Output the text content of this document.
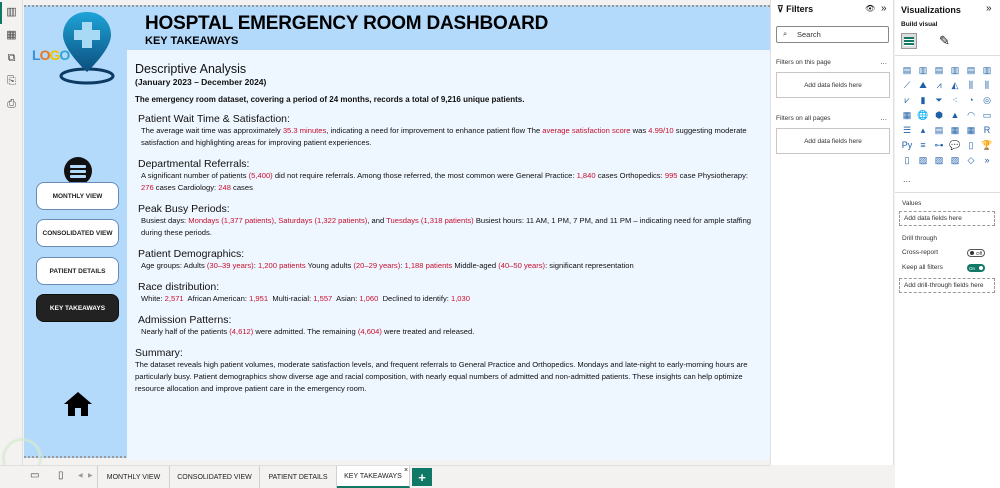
▥
▦
⧉
⎘
⎙
LOGO
HOSPTAL EMERGENCY ROOM DASHBOARD
KEY TAKEAWAYS
MONTHLY VIEW
CONSOLIDATED VIEW
PATIENT DETAILS
KEY TAKEAWAYS
Descriptive Analysis
(January 2023 – December 2024)
The emergency room dataset, covering a period of 24 months, records a total of 9,216 unique patients.
Patient Wait Time & Satisfaction:

The average wait time was approximately 35.3 minutes, indicating a need for improvement to enhance patient flow The average satisfaction score was 4.99/10 suggesting moderate satisfaction and highlighting areas for improving patient experiences.

Departmental Referrals:

A significant number of patients (5,400) did not require referrals. Among those referred, the most common were General Practice: 1,840 cases Orthopedics: 995 case Physiotherapy: 276 cases Cardiology: 248 cases

Peak Busy Periods:

Busiest days: Mondays (1,377 patients), Saturdays (1,322 patients), and Tuesdays (1,318 patients) Busiest hours: 11 AM, 1 PM, 7 PM, and 11 PM – indicating need for ample staffing during these periods.

Patient Demographics:

Age groups: Adults (30–39 years): 1,200 patients Young adults (20–29 years): 1,188 patients Middle-aged (40–50 years): significant representation

Race distribution:

White: 2,571 African American: 1,951 Multi-racial: 1,557 Asian: 1,060 Declined to identify: 1,030

Admission Patterns:

Nearly half of the patients (4,612) were admitted. The remaining (4,604) were treated and released.

Summary:

The dataset reveals high patient volumes, moderate satisfaction levels, and frequent referrals to General Practice and Orthopedics. Mondays and late-night to early-morning hours are particularly busy. Patient demographics show diverse age and racial composition, with nearly equal numbers of admitted and non-admitted patients. These insights can help optimize resource allocation and improve patient care in the emergency room.

▭ ▯ ◀ ▶	MONTHLY VIEW	CONSOLIDATED VIEW	PATIENT DETAILS	KEY TAKEAWAYS
× +
⊽ Filters	👁 »
⌕ Search
Filters on this page	...
Add data fields here
Filters on all pages	...
Add data fields here
Visualizations	»
Build visual
✎
▤ ▥ ▤ ▥ ▤ ▥
⟋	⛰	⩘	◭	⫼	⫼
⩗	▮	⏷	⁖	◔	◎
▦ 🌐 ⬢ ▲ ◠ ▭
☰	▴	▤ ▦ ▦ R
Py ≡ ⊶ 💬 ▯ 🏆
▯	▨ ▨ ▨ ◇	»
...
Values
Add data fields here
Drill through
Cross-report	Off
Keep all filters	On
Add drill-through fields here
